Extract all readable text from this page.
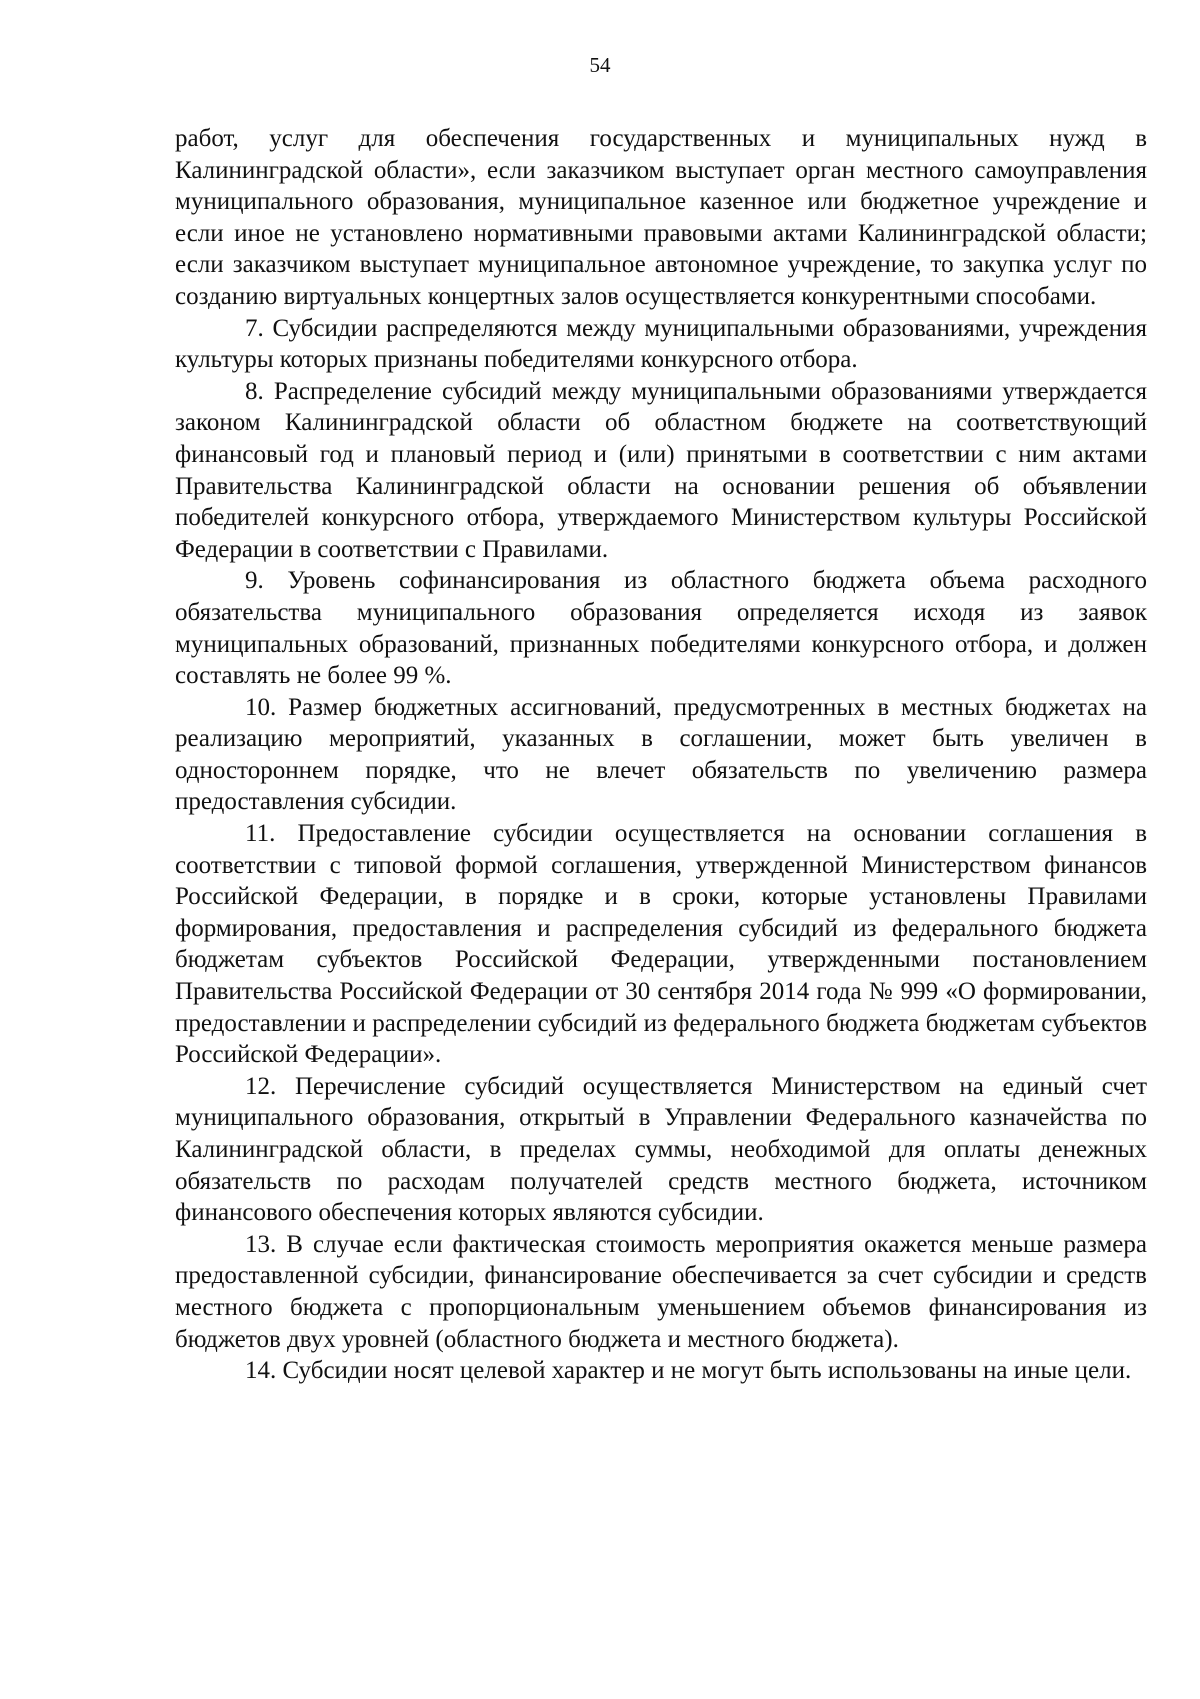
54

работ, услуг для обеспечения государственных и муниципальных нужд в Калининградской области», если заказчиком выступает орган местного самоуправления муниципального образования, муниципальное казенное или бюджетное учреждение и если иное не установлено нормативными правовыми актами Калининградской области; если заказчиком выступает муниципальное автономное учреждение, то закупка услуг по созданию виртуальных концертных залов осуществляется конкурентными способами.

7. Субсидии распределяются между муниципальными образованиями, учреждения культуры которых признаны победителями конкурсного отбора.

8. Распределение субсидий между муниципальными образованиями утверждается законом Калининградской области об областном бюджете на соответствующий финансовый год и плановый период и (или) принятыми в соответствии с ним актами Правительства Калининградской области на основании решения об объявлении победителей конкурсного отбора, утверждаемого Министерством культуры Российской Федерации в соответствии с Правилами.

9. Уровень софинансирования из областного бюджета объема расходного обязательства муниципального образования определяется исходя из заявок муниципальных образований, признанных победителями конкурсного отбора, и должен составлять не более 99 %.

10. Размер бюджетных ассигнований, предусмотренных в местных бюджетах на реализацию мероприятий, указанных в соглашении, может быть увеличен в одностороннем порядке, что не влечет обязательств по увеличению размера предоставления субсидии.

11. Предоставление субсидии осуществляется на основании соглашения в соответствии с типовой формой соглашения, утвержденной Министерством финансов Российской Федерации, в порядке и в сроки, которые установлены Правилами формирования, предоставления и распределения субсидий из федерального бюджета бюджетам субъектов Российской Федерации, утвержденными постановлением Правительства Российской Федерации от 30 сентября 2014 года № 999 «О формировании, предоставлении и распределении субсидий из федерального бюджета бюджетам субъектов Российской Федерации».

12. Перечисление субсидий осуществляется Министерством на единый счет муниципального образования, открытый в Управлении Федерального казначейства по Калининградской области, в пределах суммы, необходимой для оплаты денежных обязательств по расходам получателей средств местного бюджета, источником финансового обеспечения которых являются субсидии.

13. В случае если фактическая стоимость мероприятия окажется меньше размера предоставленной субсидии, финансирование обеспечивается за счет субсидии и средств местного бюджета с пропорциональным уменьшением объемов финансирования из бюджетов двух уровней (областного бюджета и местного бюджета).

14. Субсидии носят целевой характер и не могут быть использованы на иные цели.
